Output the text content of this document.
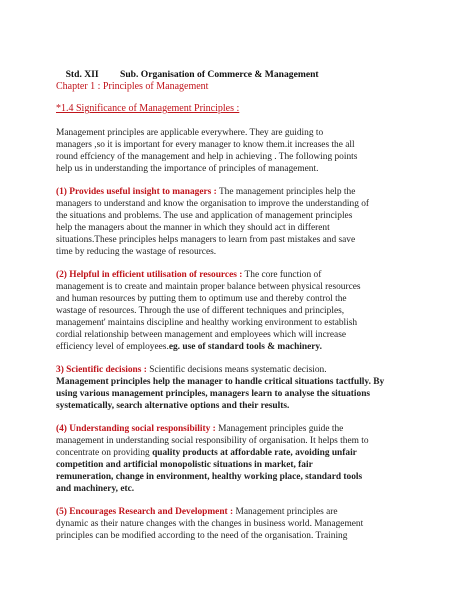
Std. XII Sub. Organisation of Commerce & Management

Chapter 1 : Principles of Management
*1.4 Significance of Management Principles :
Management principles are applicable everywhere. They are guiding to
managers ,so it is important for every manager to know them.it increases the all
round effciency of the management and help in achieving . The following points
help us in understanding the importance of principles of management.
(1) Provides useful insight to managers : The management principles help the
managers to understand and know the organisation to improve the understanding of
the situations and problems. The use and application of management principles
help the managers about the manner in which they should act in different
situations.These principles helps managers to learn from past mistakes and save
time by reducing the wastage of resources.
(2) Helpful in efficient utilisation of resources : The core function of
management is to create and maintain proper balance between physical resources
and human resources by putting them to optimum use and thereby control the
wastage of resources. Through the use of different techniques and principles,
management' maintains discipline and healthy working environment to establish
cordial relationship between management and employees which will increase
efficiency level of employees.eg. use of standard tools & machinery.
3) Scientific decisions : Scientific decisions means systematic decision.
Management principles help the manager to handle critical situations tactfully. By
using various management principles, managers learn to analyse the situations
systematically, search alternative options and their results.
(4) Understanding social responsibility : Management principles guide the
management in understanding social responsibility of organisation. It helps them to
concentrate on providing quality products at affordable rate, avoiding unfair
competition and artificial monopolistic situations in market, fair
remuneration, change in environment, healthy working place, standard tools
and machinery, etc.
(5) Encourages Research and Development : Management principles are
dynamic as their nature changes with the changes in business world. Management
principles can be modified according to the need of the organisation. Training
